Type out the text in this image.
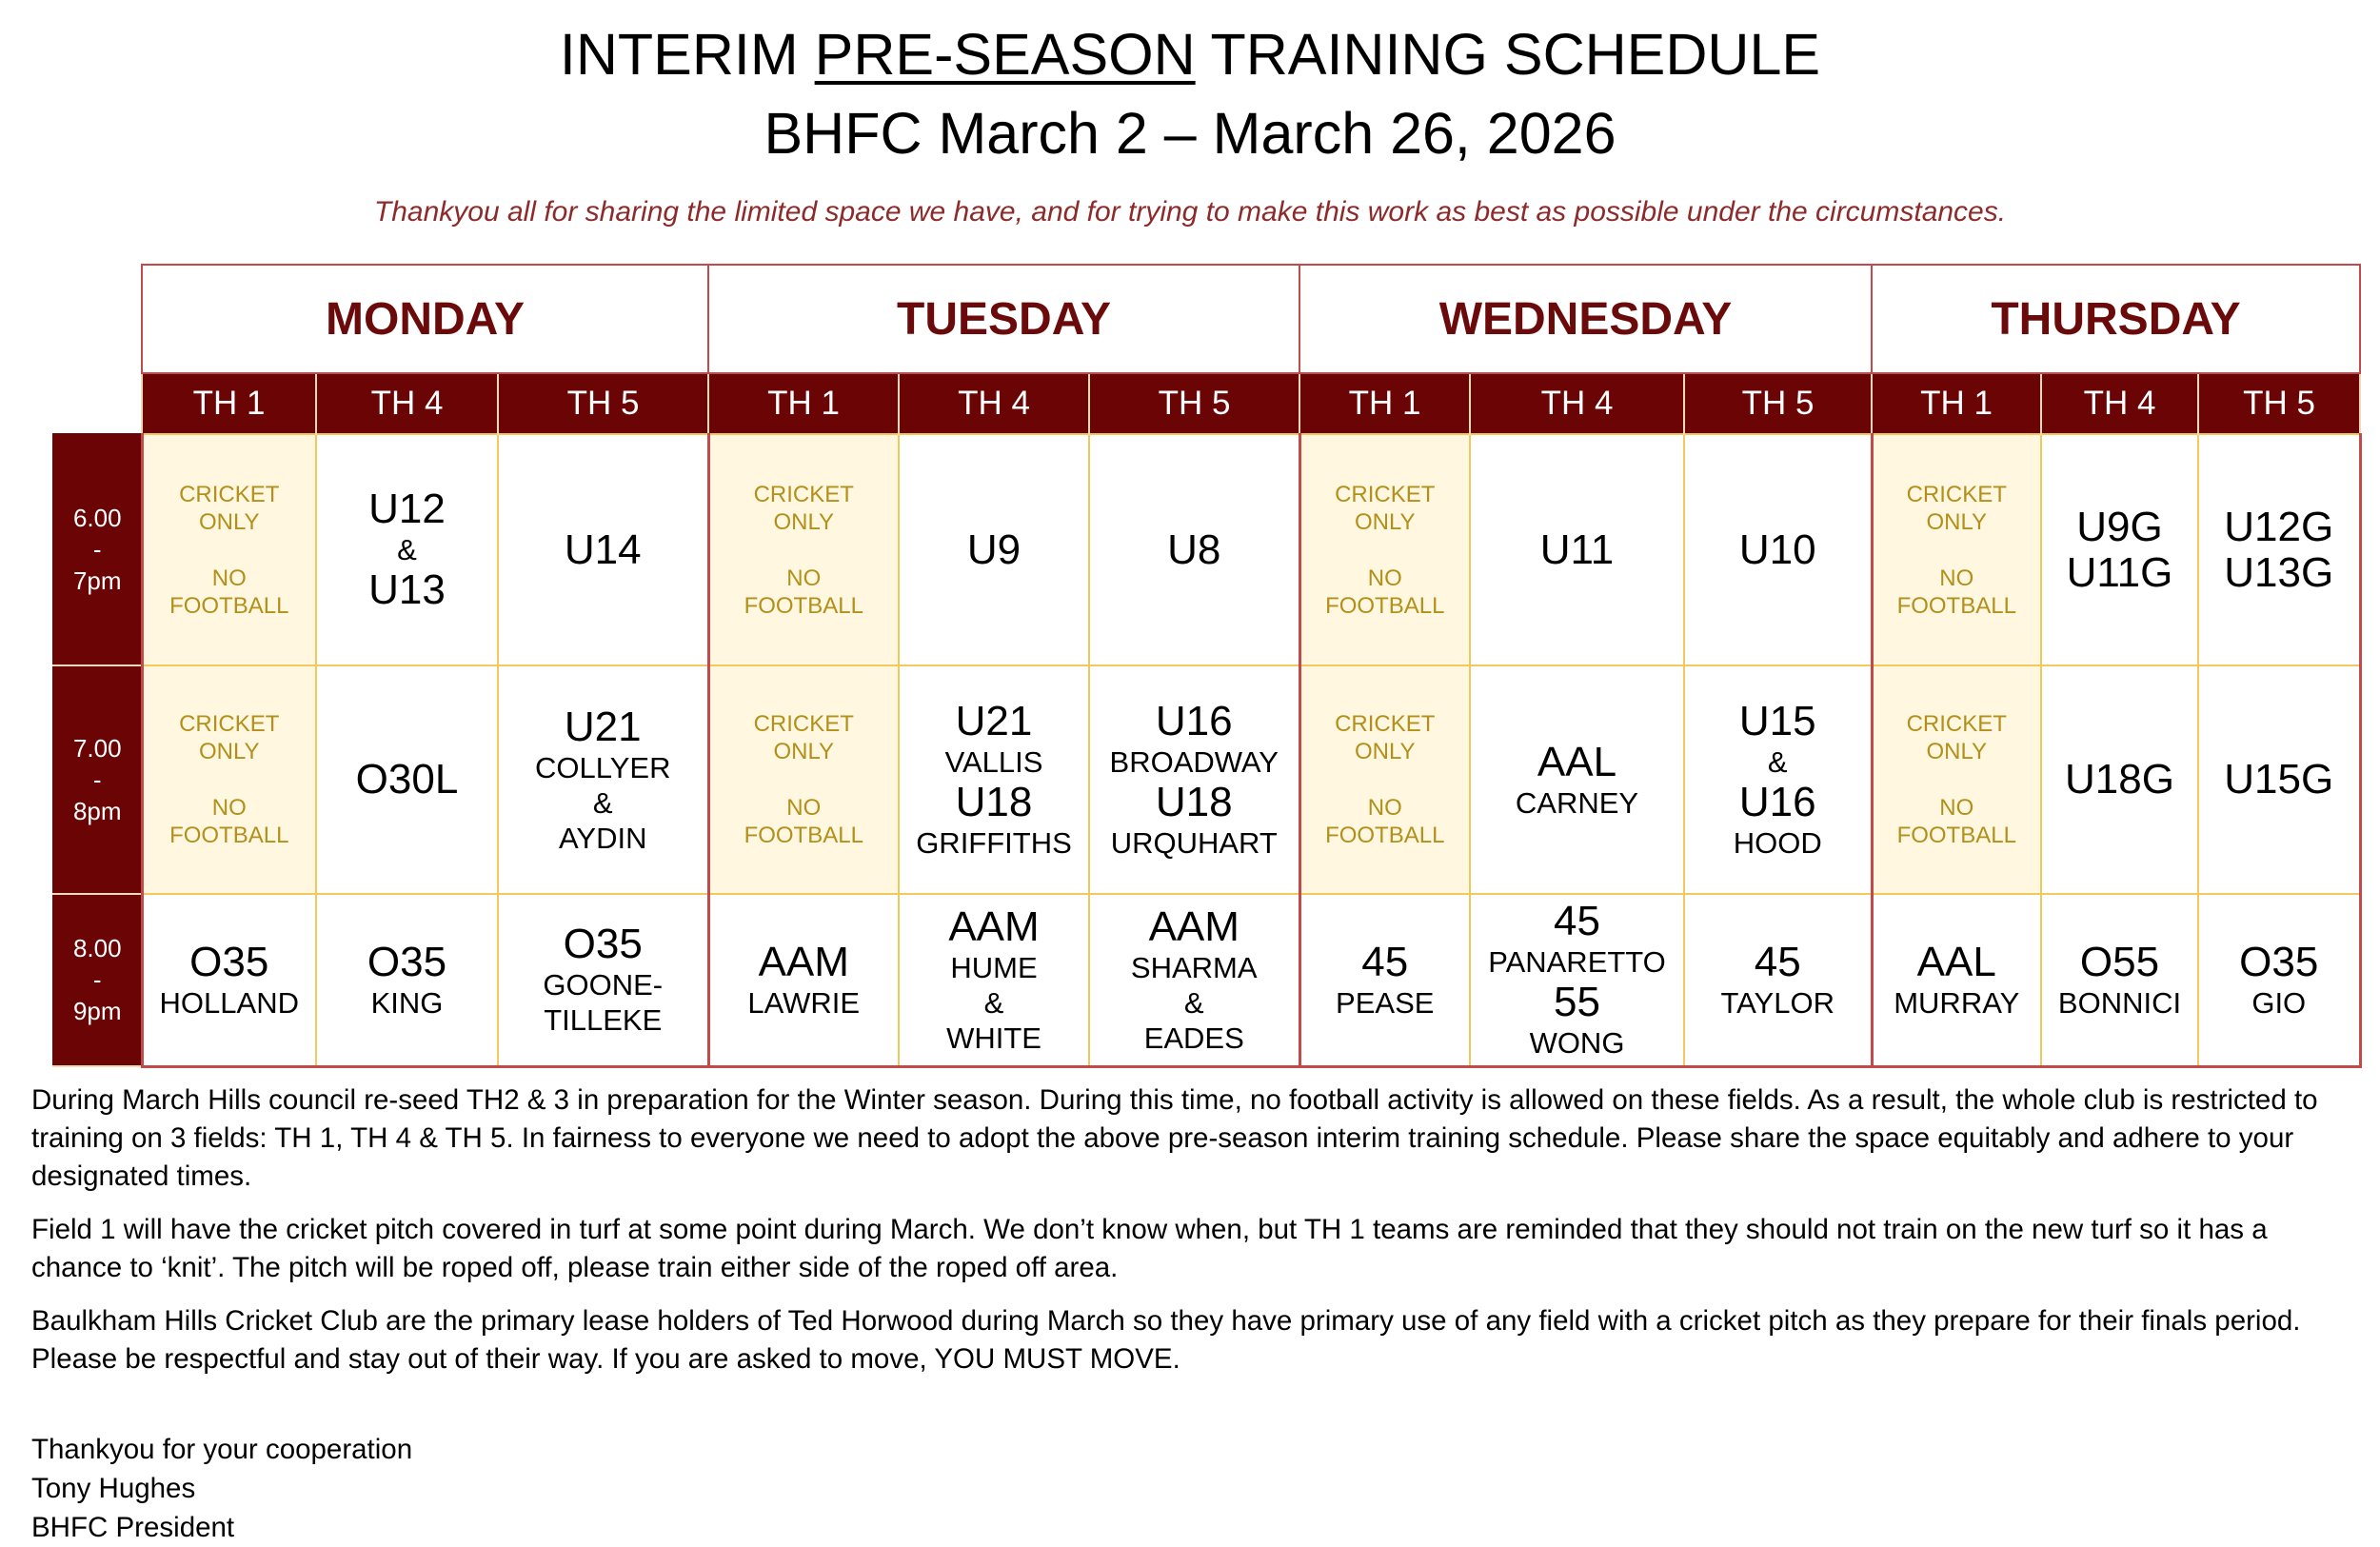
INTERIM PRE-SEASON TRAINING SCHEDULE
BHFC March 2 – March 26, 2026
Thankyou all for sharing the limited space we have, and for trying to make this work as best as possible under the circumstances.
	MONDAY			TUESDAY			WEDNESDAY			THURSDAY		
	TH 1	TH 4	TH 5	TH 1	TH 4	TH 5	TH 1	TH 4	TH 5	TH 1	TH 4	TH 5

6.00
-
7pm	CRICKET
ONLY
NO
FOOTBALL	U12
&
U13	U14	CRICKET
ONLY
NO
FOOTBALL	U9	U8	CRICKET
ONLY
NO
FOOTBALL	U11	U10	CRICKET
ONLY
NO
FOOTBALL	U9G
U11G	U12G
U13G

7.00
-
8pm	CRICKET
ONLY
NO
FOOTBALL	O30L	U21
COLLYER
&
AYDIN	CRICKET
ONLY
NO
FOOTBALL	U21
VALLIS
U18
GRIFFITHS	U16
BROADWAY
U18
URQUHART	CRICKET
ONLY
NO
FOOTBALL	AAL
CARNEY	U15
&
U16
HOOD	CRICKET
ONLY
NO
FOOTBALL	U18G	U15G

8.00
-
9pm	O35
HOLLAND	O35
KING	O35
GOONE-
TILLEKE	AAM
LAWRIE	AAM
HUME
&
WHITE	AAM
SHARMA
&
EADES	45
PEASE	45
PANARETTO
55
WONG	45
TAYLOR	AAL
MURRAY	O55
BONNICI	O35
GIO

During March Hills council re-seed TH2 & 3 in preparation for the Winter season. During this time, no football activity is allowed on these fields. As a result, the whole club is restricted to training on 3 fields: TH 1, TH 4 & TH 5. In fairness to everyone we need to adopt the above pre-season interim training schedule. Please share the space equitably and adhere to your designated times.

Field 1 will have the cricket pitch covered in turf at some point during March. We don’t know when, but TH 1 teams are reminded that they should not train on the new turf so it has a chance to ‘knit’. The pitch will be roped off, please train either side of the roped off area.

Baulkham Hills Cricket Club are the primary lease holders of Ted Horwood during March so they have primary use of any field with a cricket pitch as they prepare for their finals period. Please be respectful and stay out of their way. If you are asked to move, YOU MUST MOVE.

Thankyou for your cooperation
Tony Hughes
BHFC President
